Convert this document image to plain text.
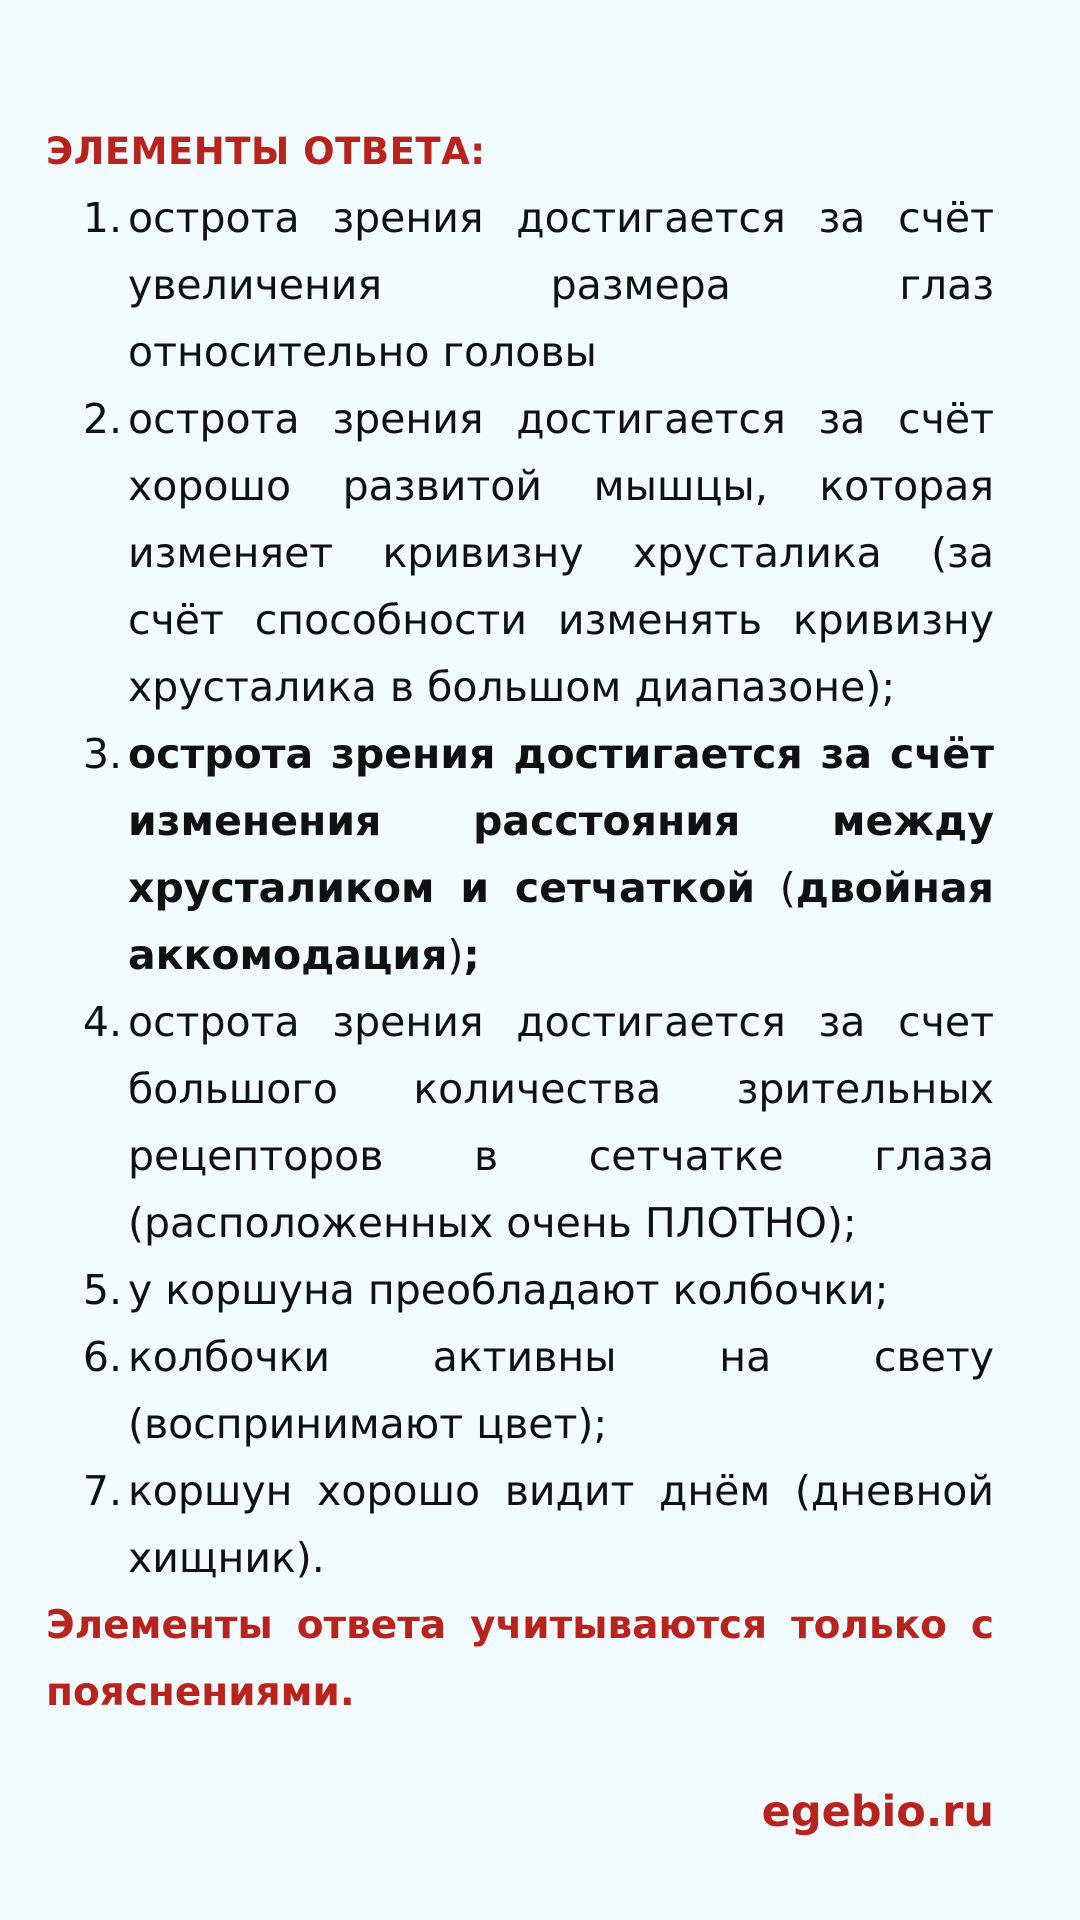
ЭЛЕМЕНТЫ ОТВЕТА:
1. острота зрения достигается за счёт увеличения размера глаз относительно головы
2. острота зрения достигается за счёт хорошо развитой мышцы, которая изменяет кривизну хрусталика (за счёт способности изменять кривизну хрусталика в большом диапазоне);
3. острота зрения достигается за счёт изменения расстояния между хрусталиком и сетчаткой (двойная аккомодация);
4. острота зрения достигается за счет большого количества зрительных рецепторов в сетчатке глаза (расположенных очень ПЛОТНО);
5. у коршуна преобладают колбочки;
6. колбочки активны на свету (воспринимают цвет);
7. коршун хорошо видит днём (дневной хищник).

Элементы ответа учитываются только с пояснениями.

egebio.ru
